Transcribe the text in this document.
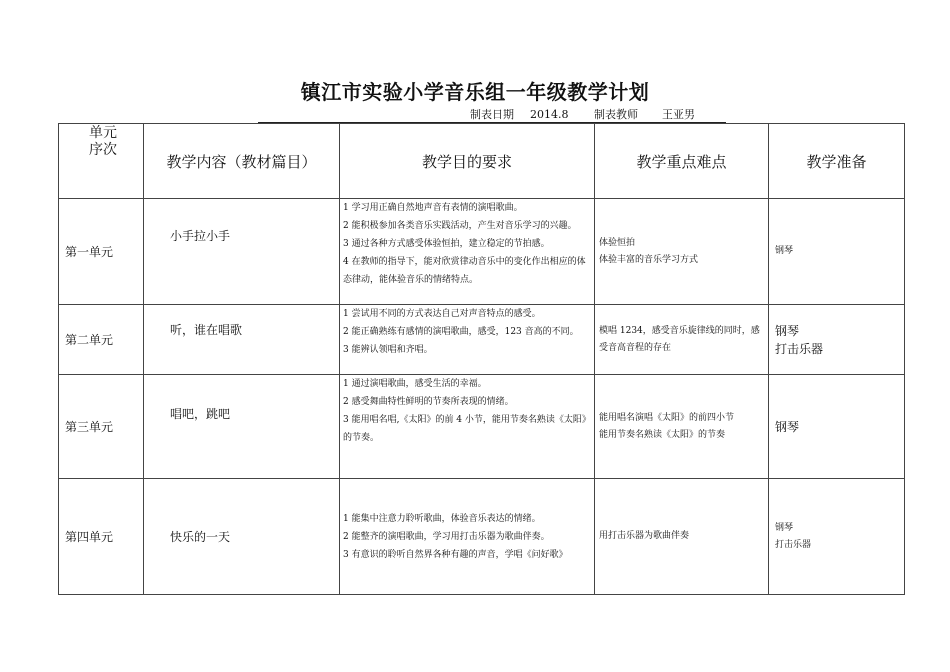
镇江市实验小学音乐组一年级教学计划
制表日期 2014.8 制表教师 王亚男
单元
序次	教学内容（教材篇目）	教学目的要求	教学重点难点	教学准备
第一单元	小手拉小手	1 学习用正确自然地声音有表情的演唱歌曲。
2 能积极参加各类音乐实践活动，产生对音乐学习的兴趣。
3 通过各种方式感受体验恒拍，建立稳定的节拍感。
4 在教师的指导下，能对欣赏律动音乐中的变化作出相应的体态律动，能体验音乐的情绪特点。	体验恒拍
体验丰富的音乐学习方式	钢琴

第二单元	听，谁在唱歌	1 尝试用不同的方式表达自己对声音特点的感受。
2 能正确熟练有感情的演唱歌曲，感受，123 音高的不同。
3 能辨认领唱和齐唱。	模唱 1234，感受音乐旋律线的同时，感受音高音程的存在	钢琴
打击乐器

第三单元	唱吧，跳吧	1 通过演唱歌曲，感受生活的幸福。
2 感受舞曲特性鲜明的节奏所表现的情绪。
3 能用唱名唱,《太阳》的前 4 小节，能用节奏名熟读《太阳》的节奏。	能用唱名演唱《太阳》的前四小节
能用节奏名熟读《太阳》的节奏	钢琴

第四单元	快乐的一天	1 能集中注意力聆听歌曲，体验音乐表达的情绪。
2 能整齐的演唱歌曲，学习用打击乐器为歌曲伴奏。
3 有意识的聆听自然界各种有趣的声音，学唱《问好歌》	用打击乐器为歌曲伴奏	钢琴
打击乐器
